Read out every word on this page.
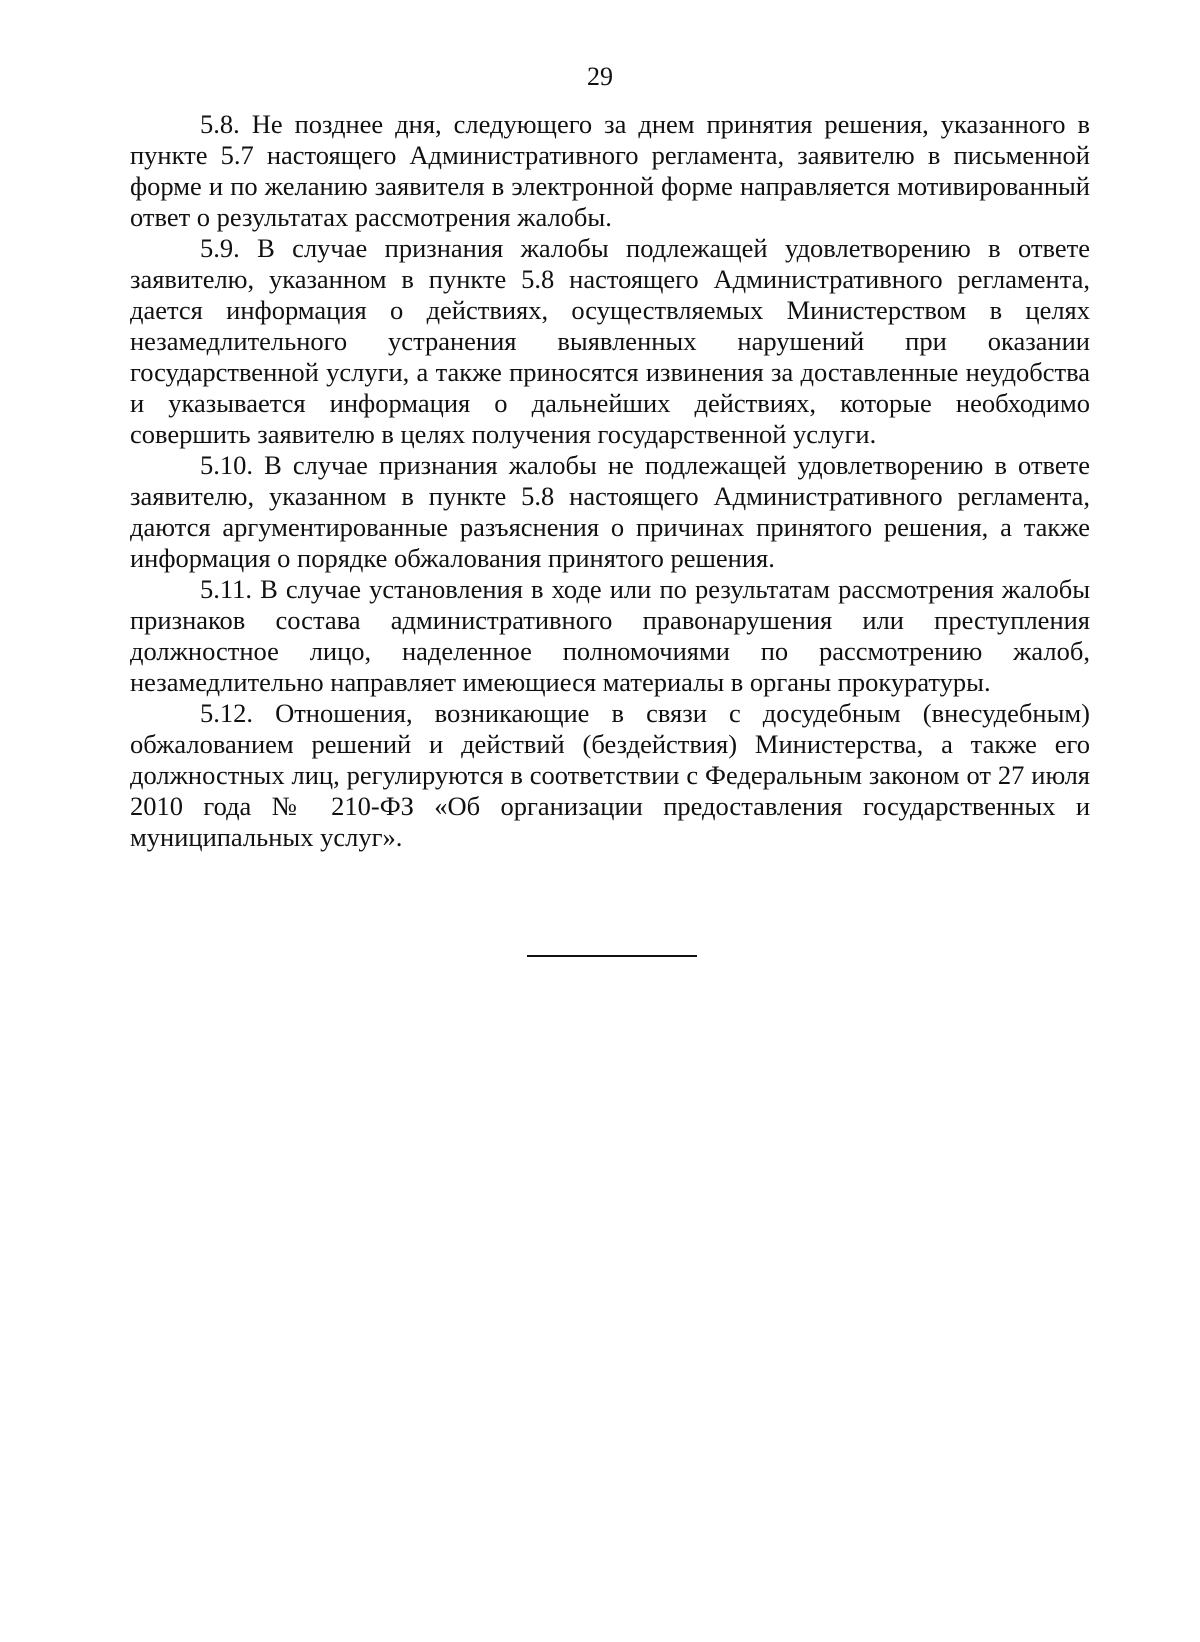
29

5.8. Не позднее дня, следующего за днем принятия решения, указанного в пункте 5.7 настоящего Административного регламента, заявителю в письменной форме и по желанию заявителя в электронной форме направляется мотивированный ответ о результатах рассмотрения жалобы.

5.9. В случае признания жалобы подлежащей удовлетворению в ответе заявителю, указанном в пункте 5.8 настоящего Административного регламента, дается информация о действиях, осуществляемых Министерством в целях незамедлительного устранения выявленных нарушений при оказании государственной услуги, а также приносятся извинения за доставленные неудобства и указывается информация о дальнейших действиях, которые необходимо совершить заявителю в целях получения государственной услуги.

5.10. В случае признания жалобы не подлежащей удовлетворению в ответе заявителю, указанном в пункте 5.8 настоящего Административного регламента, даются аргументированные разъяснения о причинах принятого решения, а также информация о порядке обжалования принятого решения.

5.11. В случае установления в ходе или по результатам рассмотрения жалобы признаков состава административного правонарушения или преступления должностное лицо, наделенное полномочиями по рассмотрению жалоб, незамедлительно направляет имеющиеся материалы в органы прокуратуры.

5.12. Отношения, возникающие в связи с досудебным (внесудебным) обжалованием решений и действий (бездействия) Министерства, а также его должностных лиц, регулируются в соответствии с Федеральным законом от 27 июля 2010 года № 210-ФЗ «Об организации предоставления государственных и муниципальных услуг».
